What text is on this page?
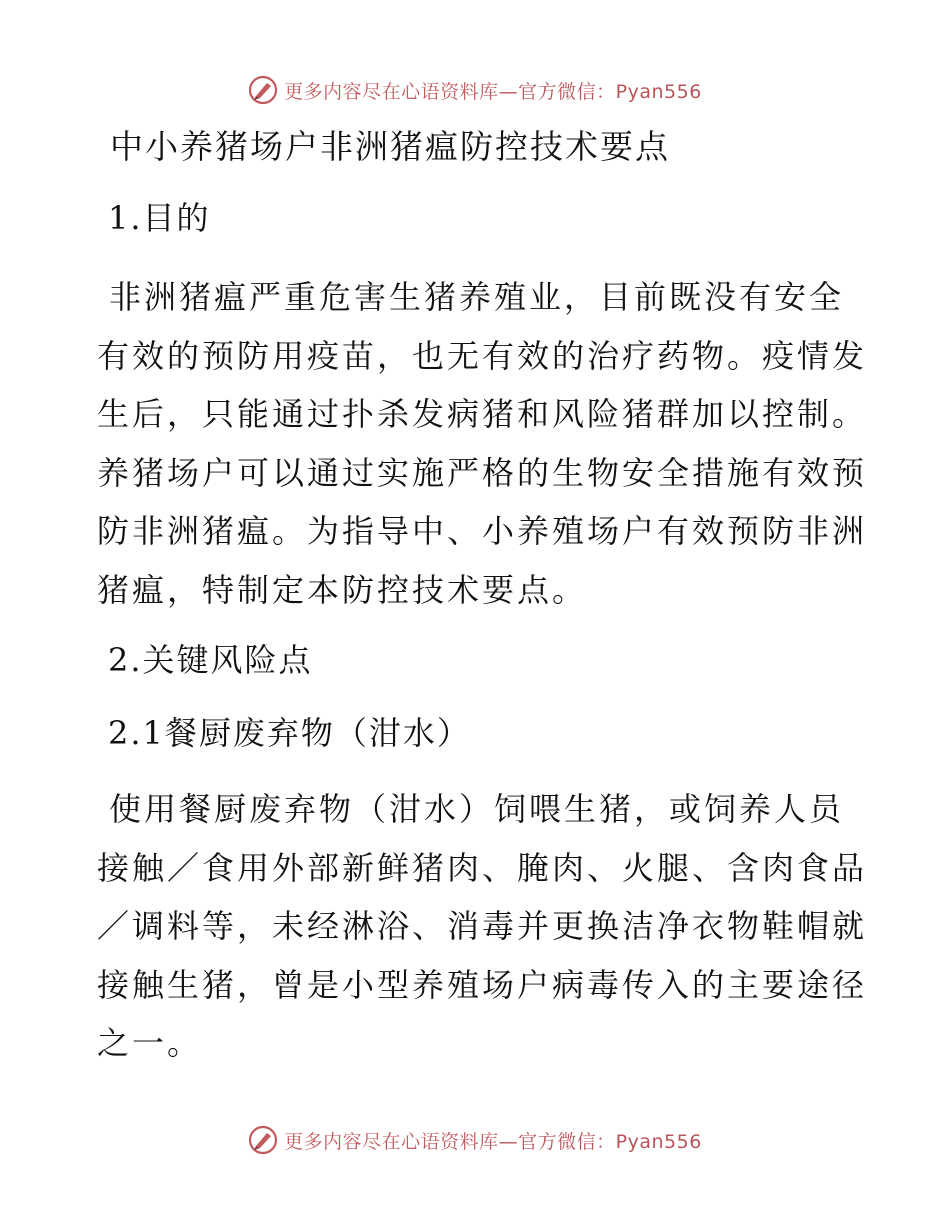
更多内容尽在心语资料库—官方微信：Pyan556
中小养猪场户非洲猪瘟防控技术要点
1.目的
非洲猪瘟严重危害生猪养殖业，目前既没有安全
有效的预防用疫苗，也无有效的治疗药物。疫情发
生后，只能通过扑杀发病猪和风险猪群加以控制。
养猪场户可以通过实施严格的生物安全措施有效预
防非洲猪瘟。为指导中、小养殖场户有效预防非洲
猪瘟，特制定本防控技术要点。
2.关键风险点
2.1餐厨废弃物（泔水）
使用餐厨废弃物（泔水）饲喂生猪，或饲养人员
接触／食用外部新鲜猪肉、腌肉、火腿、含肉食品
／调料等，未经淋浴、消毒并更换洁净衣物鞋帽就
接触生猪，曾是小型养殖场户病毒传入的主要途径
之一。
更多内容尽在心语资料库—官方微信：Pyan556
